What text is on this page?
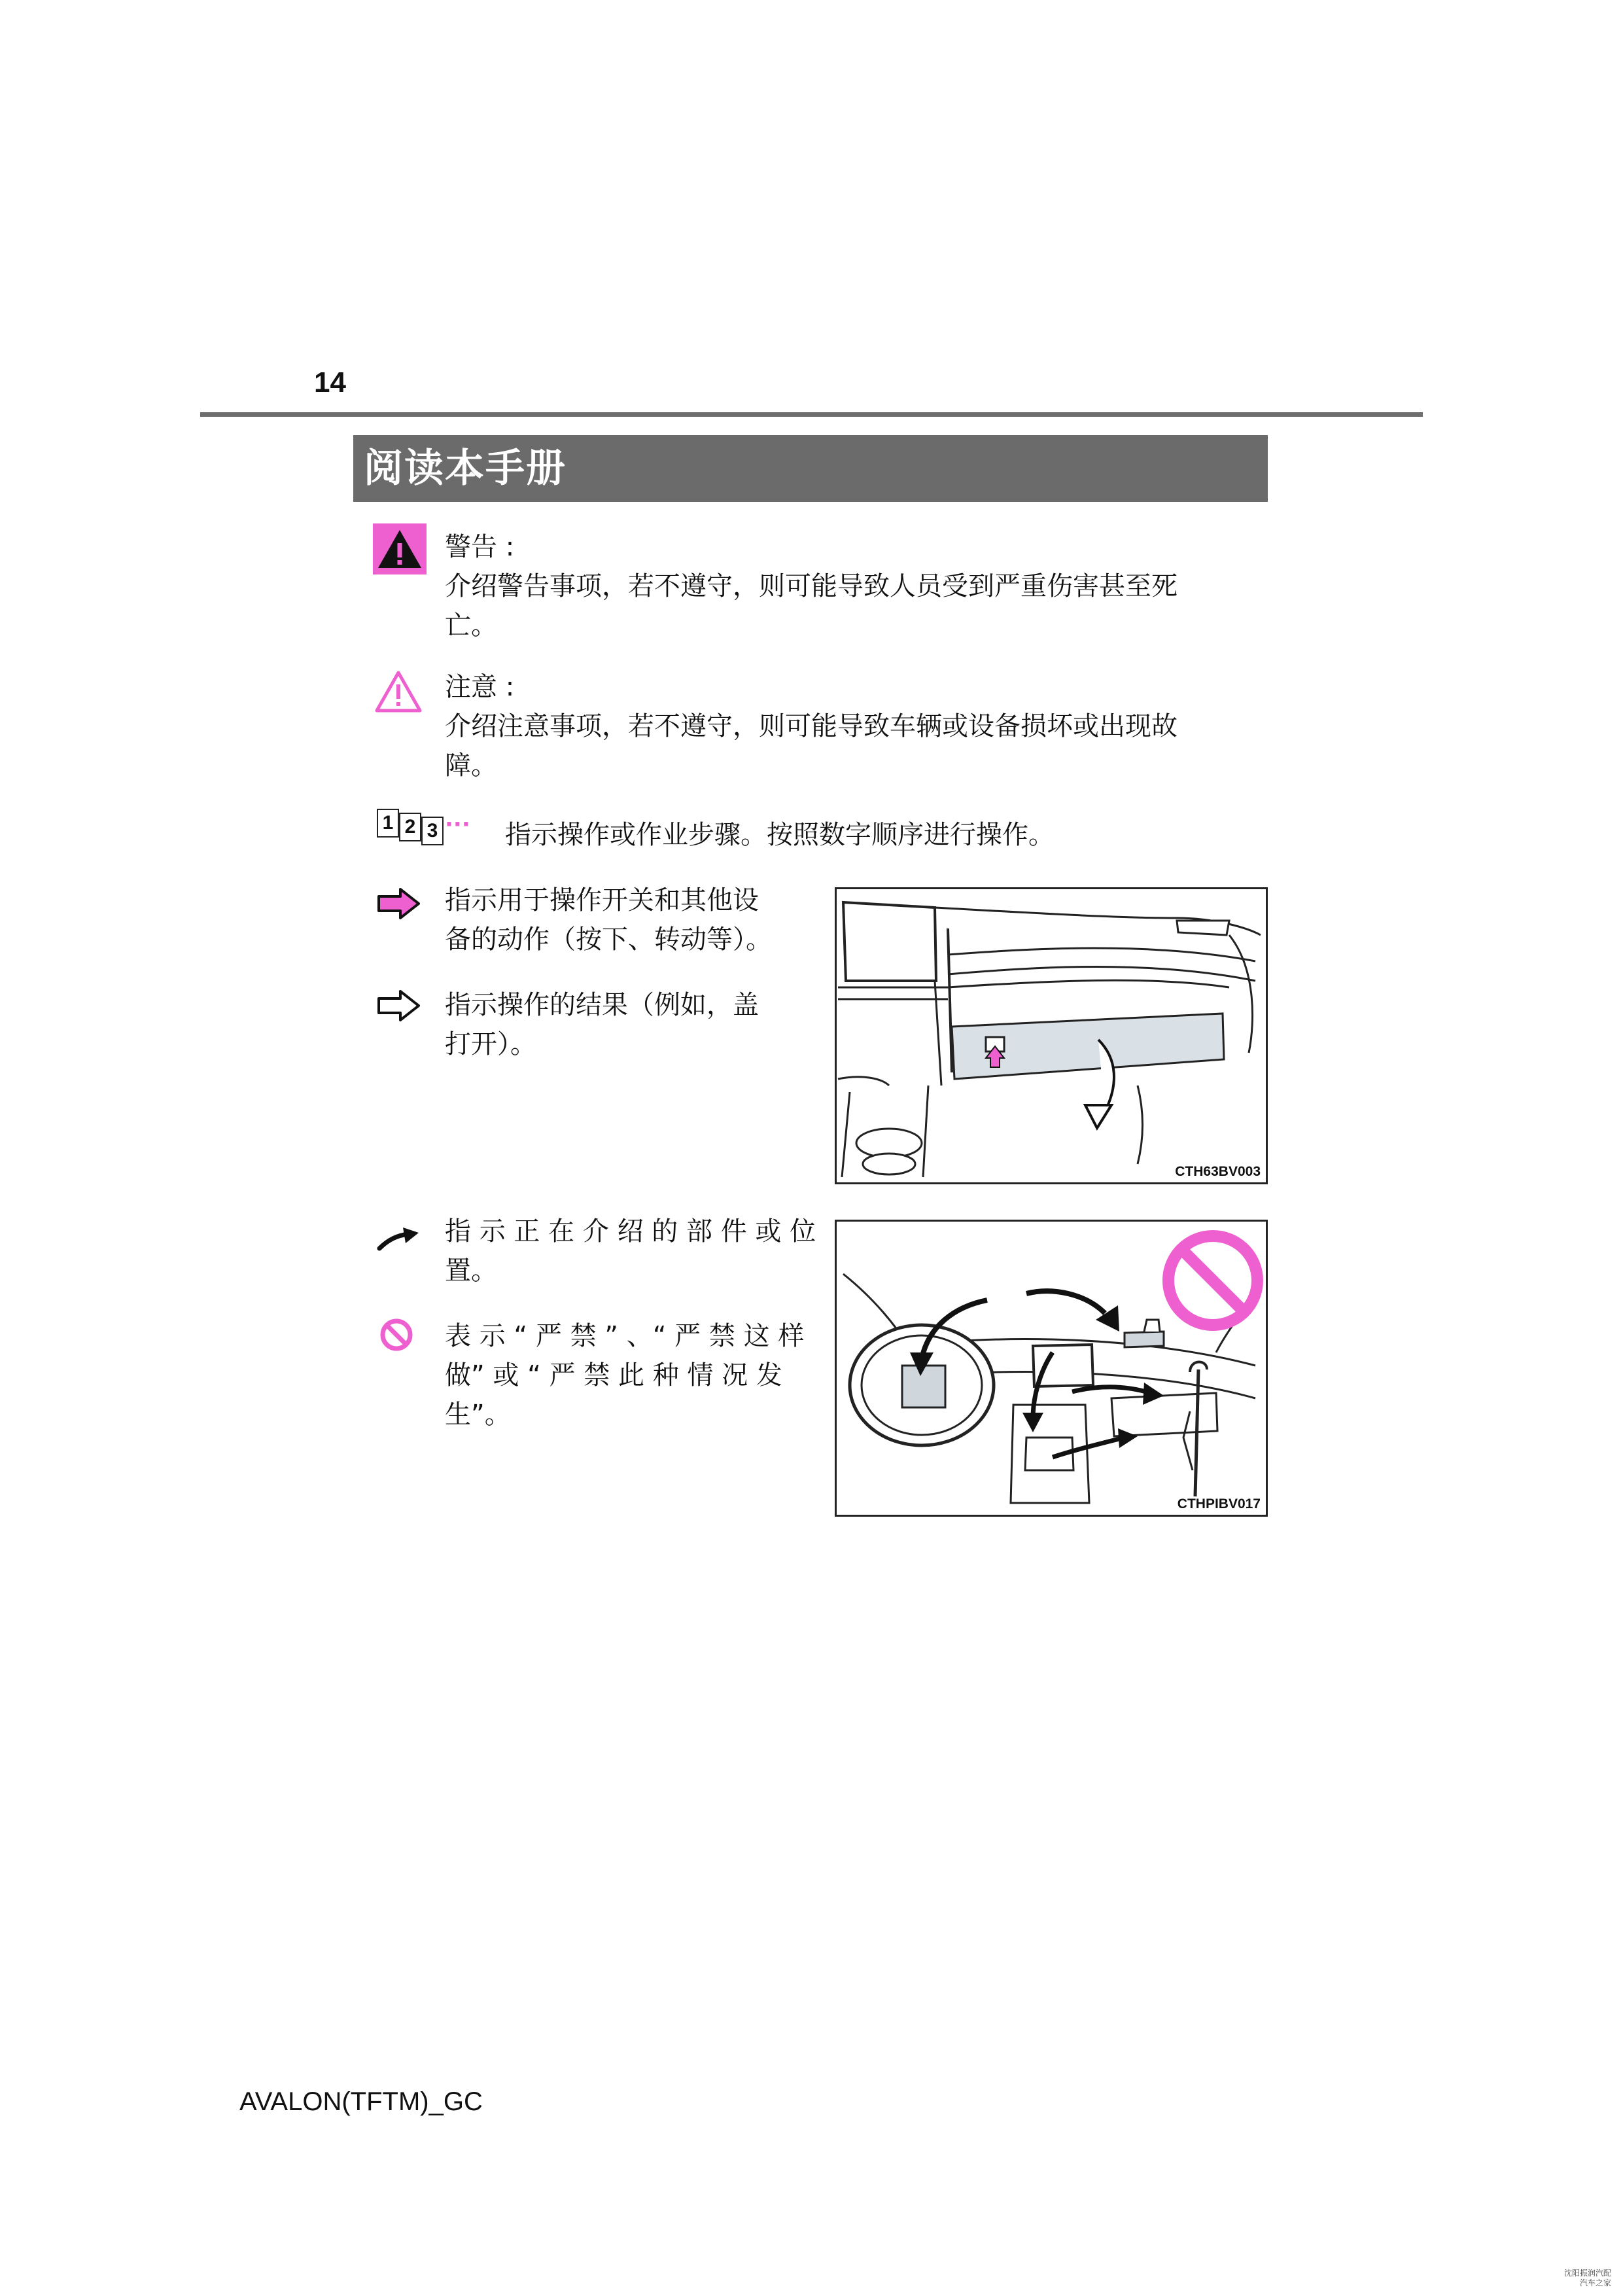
14
阅读本手册
警告 :
介绍警告事项，若不遵守，则可能导致人员受到严重伤害甚至死
亡。
注意 :
介绍注意事项，若不遵守，则可能导致车辆或设备损坏或出现故
障。
1 2 3 ··· 指示操作或作业步骤。按照数字顺序进行操作。
指示用于操作开关和其他设
备的动作（按下、转动等）。
指示操作的结果（例如，盖
打开）。
CTH63BV003
指 示 正 在 介 绍 的 部 件 或 位
置。
表 示 “ 严 禁 ” 、“ 严 禁 这 样
做” 或 “ 严 禁 此 种 情 况 发
生”。
CTHPIBV017
AVALON(TFTM)_GC
沈阳振润汽配
汽车之家
